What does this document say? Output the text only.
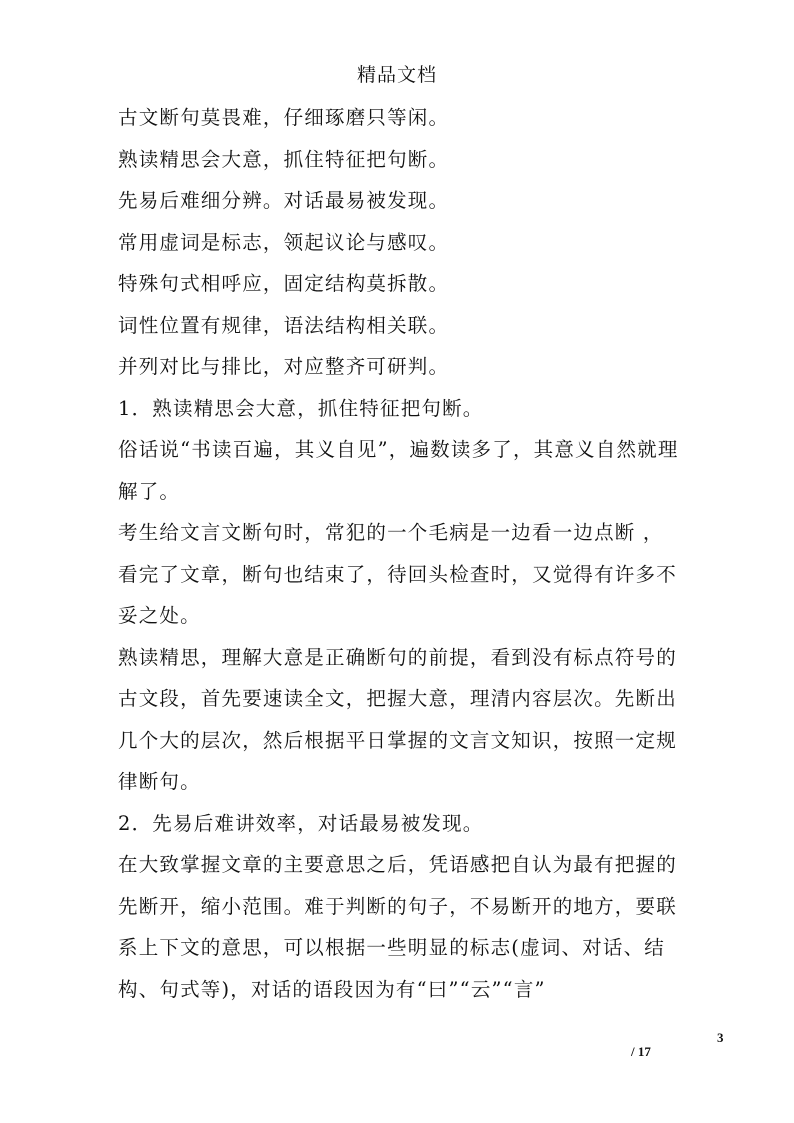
精品文档

古文断句莫畏难，仔细琢磨只等闲。

熟读精思会大意，抓住特征把句断。

先易后难细分辨。对话最易被发现。

常用虚词是标志，领起议论与感叹。

特殊句式相呼应，固定结构莫拆散。

词性位置有规律，语法结构相关联。

并列对比与排比，对应整齐可研判。

1．熟读精思会大意，抓住特征把句断。

俗话说“书读百遍，其义自见”，遍数读多了，其意义自然就理解了。

考生给文言文断句时，常犯的一个毛病是一边看一边点断 ，看完了文章，断句也结束了，待回头检查时，又觉得有许多不妥之处。

熟读精思，理解大意是正确断句的前提，看到没有标点符号的古文段，首先要速读全文，把握大意，理清内容层次。先断出几个大的层次，然后根据平日掌握的文言文知识，按照一定规律断句。

2．先易后难讲效率，对话最易被发现。

在大致掌握文章的主要意思之后，凭语感把自认为最有把握的先断开，缩小范围。难于判断的句子，不易断开的地方，要联系上下文的意思，可以根据一些明显的标志(虚词、对话、结构、句式等)，对话的语段因为有“曰”“云”“言”

3
/ 17
